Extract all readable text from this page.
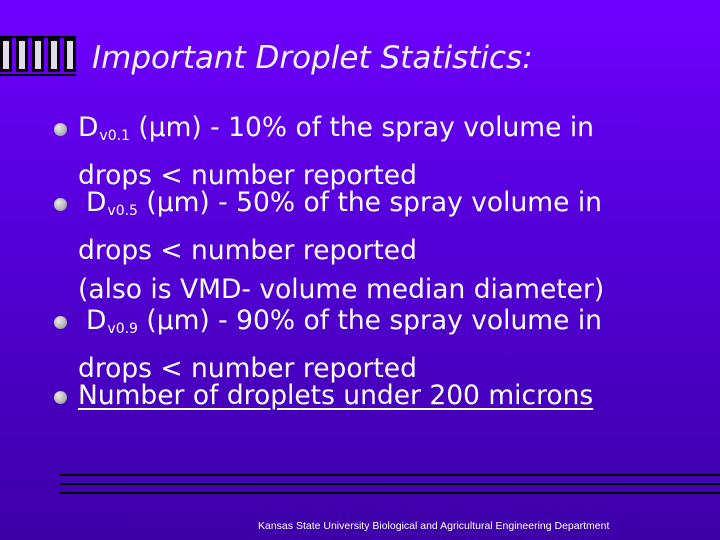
Important Droplet Statistics:
$D_{v0.1}$ (µm) - 10% of the spray volume in
drops < number reported
$D_{v0.5}$ (µm) - 50% of the spray volume in
drops < number reported
(also is VMD- volume median diameter)
$D_{v0.9}$ (µm) - 90% of the spray volume in
drops < number reported
Number of droplets under 200 microns
Kansas State University Biological and Agricultural Engineering Department
